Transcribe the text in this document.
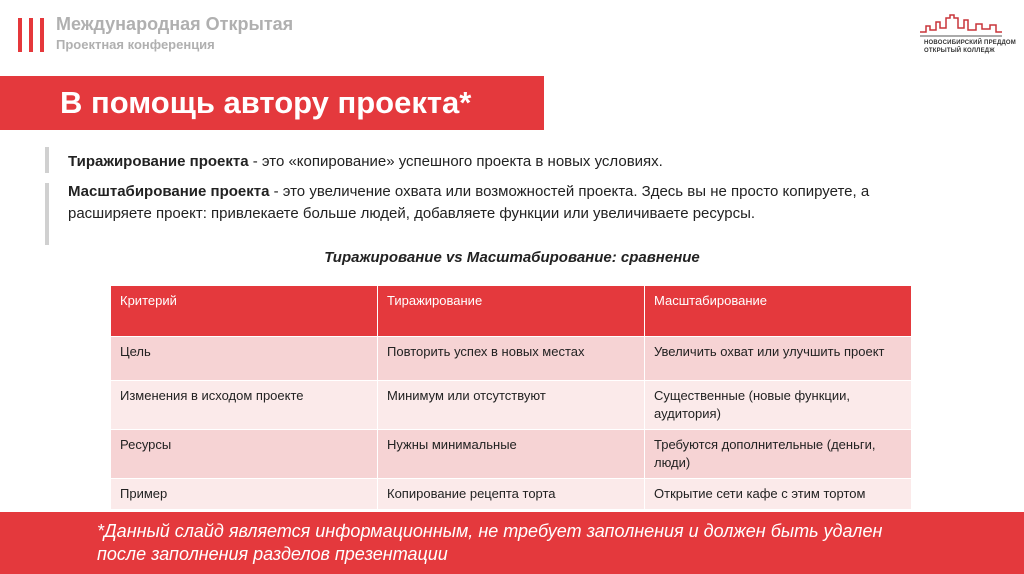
Международная Открытая
Проектная конференция	НОВОСИБИРСКИЙ ПРЕДДОМ
ОТКРЫТЫЙ КОЛЛЕДЖ
В помощь автору проекта*
Тиражирование проекта - это «копирование» успешного проекта в новых условиях.
Масштабирование проекта - это увеличение охвата или возможностей проекта. Здесь вы не просто копируете, а расширяете проект: привлекаете больше людей, добавляете функции или увеличиваете ресурсы.
Тиражирование vs Масштабирование: сравнение
Критерий	Тиражирование	Масштабирование
Цель	Повторить успех в новых местах	Увеличить охват или улучшить проект
Изменения в исходом проекте	Минимум или отсутствуют	Существенные (новые функции, аудитория)
Ресурсы	Нужны минимальные	Требуются дополнительные (деньги, люди)
Пример	Копирование рецепта торта	Открытие сети кафе с этим тортом
*Данный слайд является информационным, не требует заполнения и должен быть удален после заполнения разделов презентации
